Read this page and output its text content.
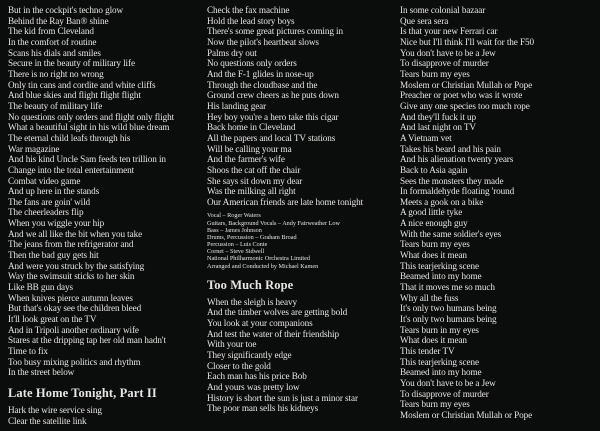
But in the cockpit's techno glow
Behind the Ray Ban® shine
The kid from Cleveland
In the comfort of routine
Scans his dials and smiles
Secure in the beauty of military life
There is no right no wrong
Only tin cans and cordite and white cliffs
And blue skies and flight flight flight
The beauty of military life
No questions only orders and flight only flight
What a beautiful sight in his wild blue dream
The eternal child leafs through his
War magazine
And his kind Uncle Sam feeds ten trillion in
Change into the total entertainment
Combat video game
And up here in the stands
The fans are goin' wild
The cheerleaders flip
When you wiggle your hip
And we all like the bit when you take
The jeans from the refrigerator and
Then the bad guy gets hit
And were you struck by the satisfying
Way the swimsuit sticks to her skin
Like BB gun days
When knives pierce autumn leaves
But that's okay see the children bleed
It'll look great on the TV
And in Tripoli another ordinary wife
Stares at the dripping tap her old man hadn't
Time to fix
Too busy mixing politics and rhythm
In the street below
Late Home Tonight, Part II
Hark the wire service sing
Clear the satellite link
Check the fax machine
Hold the lead story boys
There's some great pictures coming in
Now the pilot's heartbeat slows
Palms dry out
No questions only orders
And the F-1 glides in nose-up
Through the cloudbase and the
Ground crew cheers as he puts down
His landing gear
Hey boy you're a hero take this cigar
Back home in Cleveland
All the papers and local TV stations
Will be calling your ma
And the farmer's wife
Shoos the cat off the chair
She says sit down my dear
Was the milking all right
Our American friends are late home tonight
Vocal – Roger Waters
Guitars, Background Vocals – Andy Fairweather Low
Bass – James Johnson
Drums, Percussion – Graham Broad
Percussion – Luis Conte
Cornet – Steve Sidwell
National Philharmonic Orchestra Limited
Arranged and Conducted by Michael Kamen
Too Much Rope
When the sleigh is heavy
And the timber wolves are getting bold
You look at your companions
And test the water of their friendship
With your toe
They significantly edge
Closer to the gold
Each man has his price Bob
And yours was pretty low
History is short the sun is just a minor star
The poor man sells his kidneys
In some colonial bazaar
Que sera sera
Is that your new Ferrari car
Nice but I'll think I'll wait for the F50
You don't have to be a Jew
To disapprove of murder
Tears burn my eyes
Moslem or Christian Mullah or Pope
Preacher or poet who was it wrote
Give any one species too much rope
And they'll fuck it up
And last night on TV
A Vietnam vet
Takes his beard and his pain
And his alienation twenty years
Back to Asia again
Sees the monsters they made
In formaldehyde floating 'round
Meets a gook on a bike
A good little tyke
A nice enough guy
With the same soldier's eyes
Tears burn my eyes
What does it mean
This tearjerking scene
Beamed into my home
That it moves me so much
Why all the fuss
It's only two humans being
It's only two humans being
Tears burn in my eyes
What does it mean
This tender TV
This tearjerking scene
Beamed into my home
You don't have to be a Jew
To disapprove of murder
Tears burn my eyes
Moslem or Christian Mullah or Pope
